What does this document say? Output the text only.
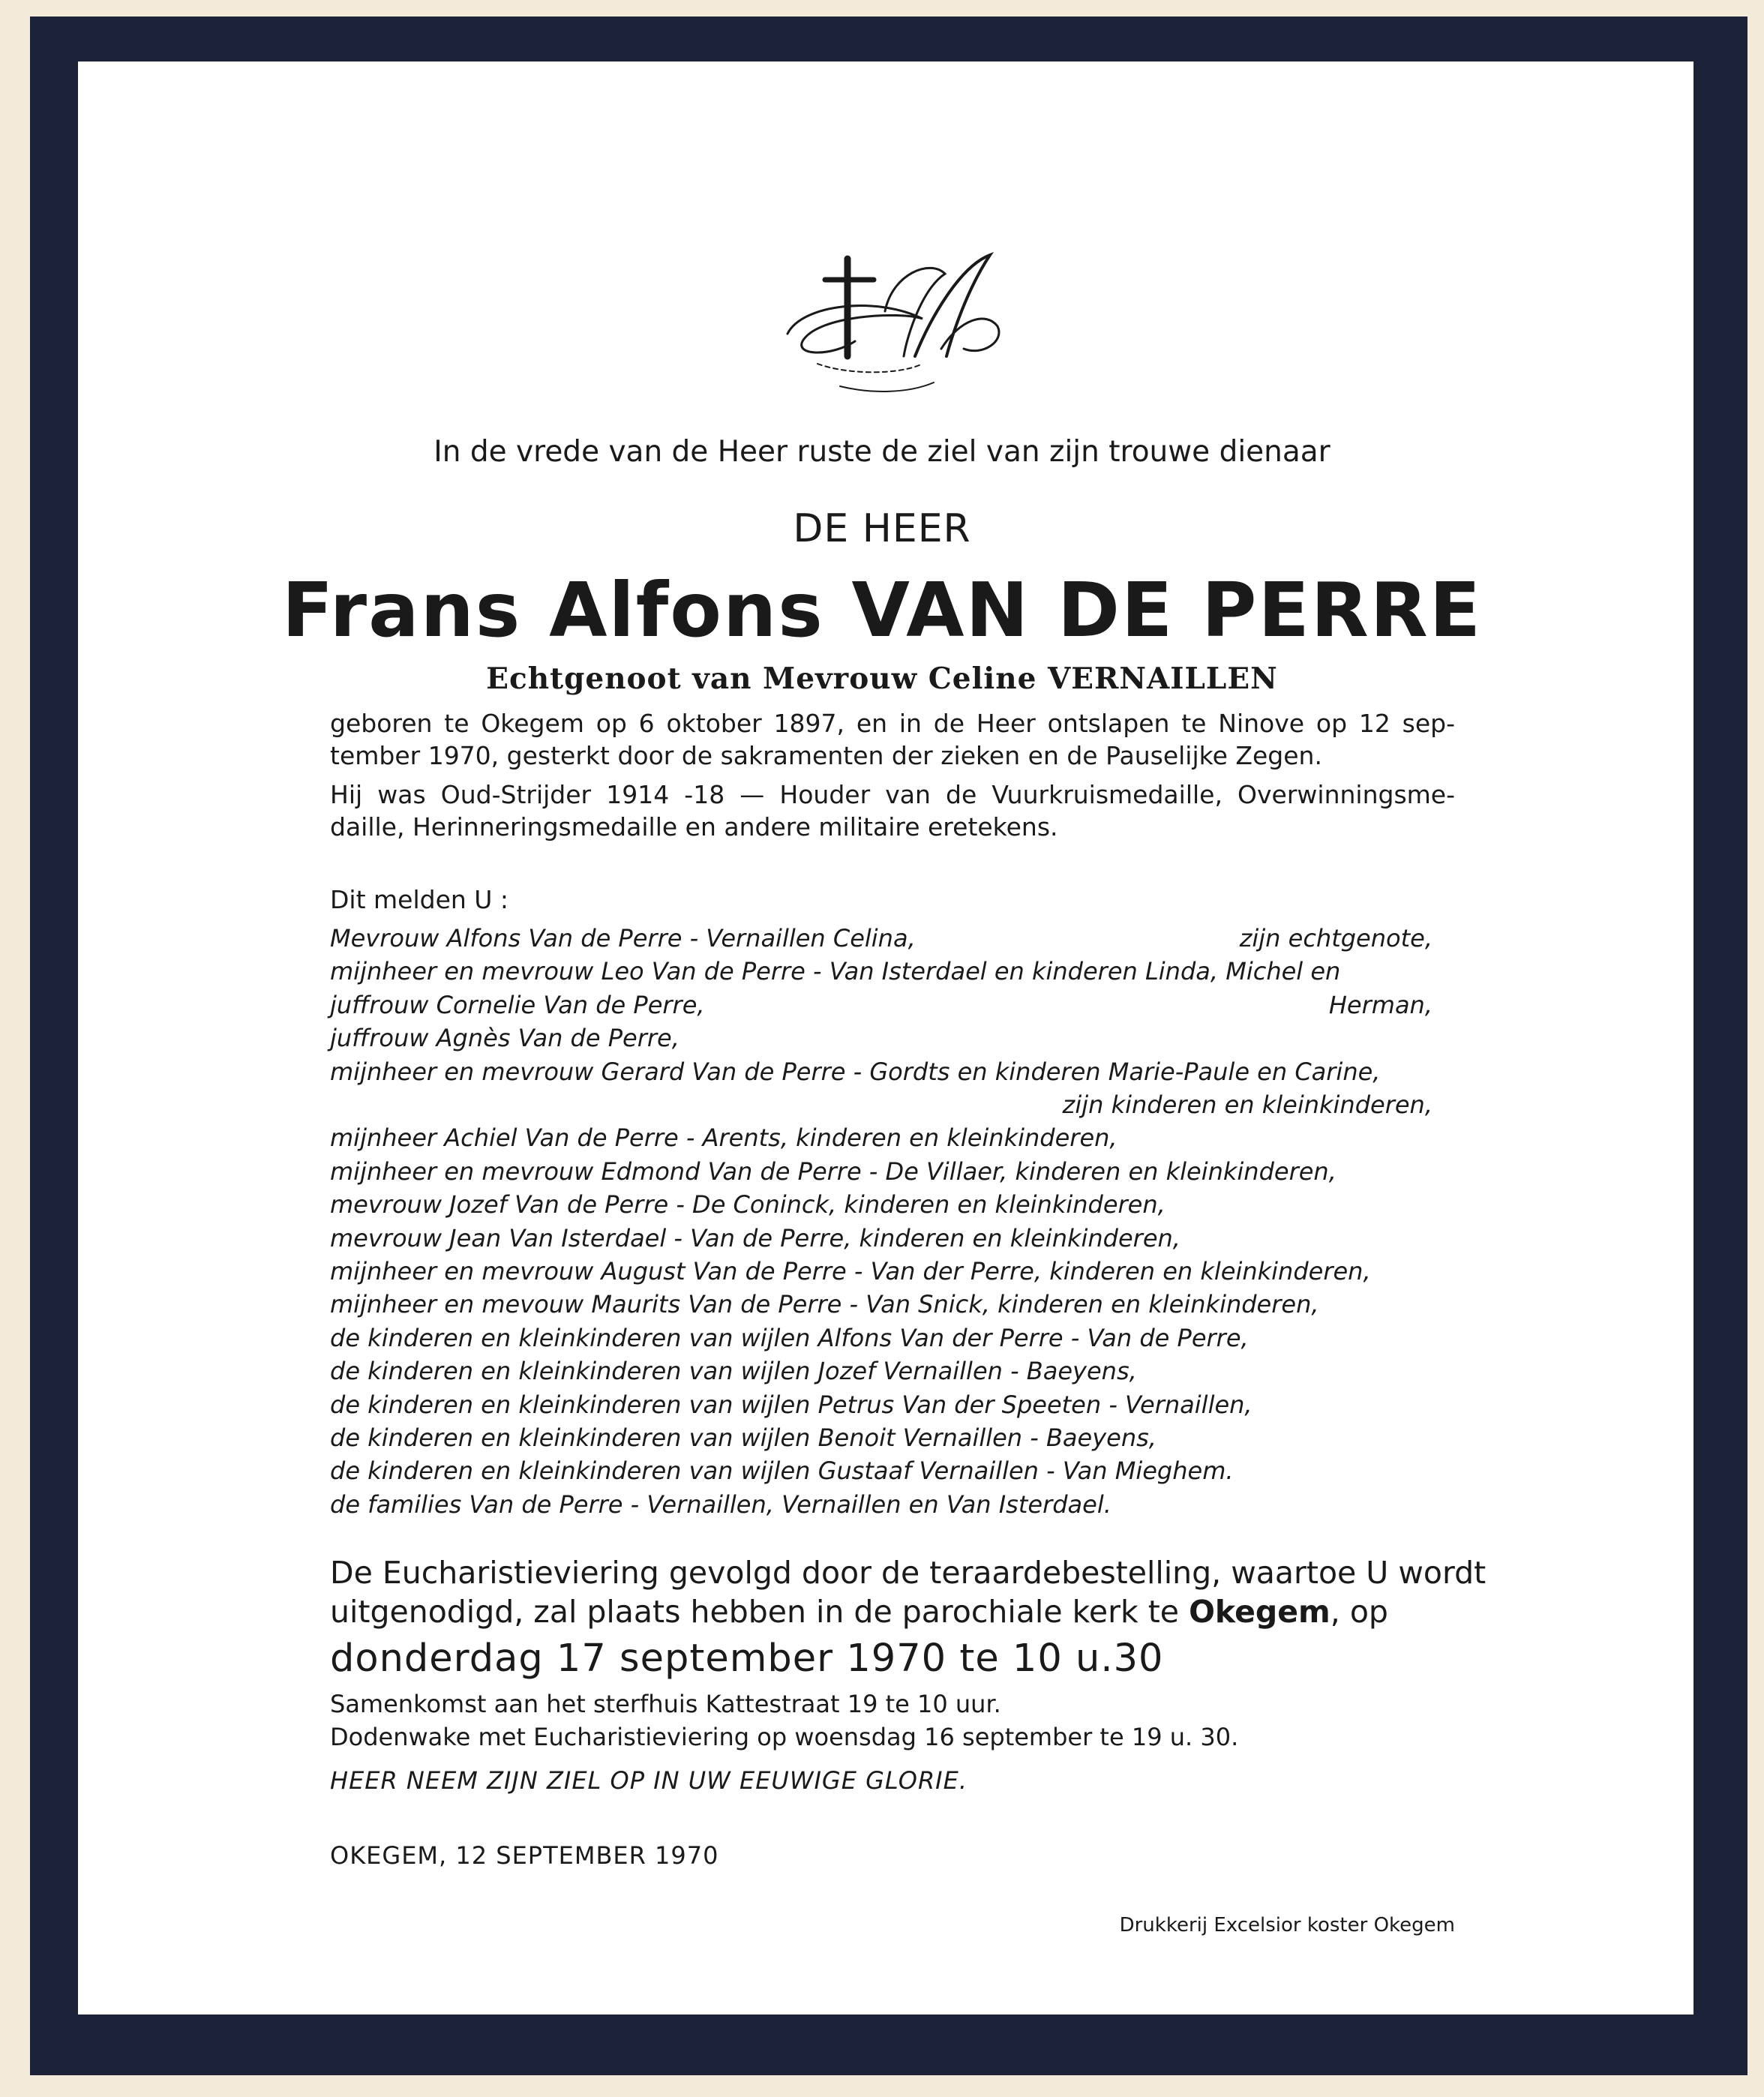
In de vrede van de Heer ruste de ziel van zijn trouwe dienaar

DE HEER

Frans Alfons VAN DE PERRE

Echtgenoot van Mevrouw Celine VERNAILLEN

geboren te Okegem op 6 oktober 1897, en in de Heer ontslapen te Ninove op 12 sep-

tember 1970, gesterkt door de sakramenten der zieken en de Pauselijke Zegen.

Hij was Oud-Strijder 1914 -18 — Houder van de Vuurkruismedaille, Overwinningsme-

daille, Herinneringsmedaille en andere militaire eretekens.

Dit melden U :

Mevrouw Alfons Van de Perre - Vernaillen Celina,	zijn echtgenote,
mijnheer en mevrouw Leo Van de Perre - Van Isterdael en kinderen Linda, Michel en
juffrouw Cornelie Van de Perre,	Herman,
juffrouw Agnès Van de Perre,
mijnheer en mevrouw Gerard Van de Perre - Gordts en kinderen Marie-Paule en Carine,
zijn kinderen en kleinkinderen,
mijnheer Achiel Van de Perre - Arents, kinderen en kleinkinderen,
mijnheer en mevrouw Edmond Van de Perre - De Villaer, kinderen en kleinkinderen,
mevrouw Jozef Van de Perre - De Coninck, kinderen en kleinkinderen,
mevrouw Jean Van Isterdael - Van de Perre, kinderen en kleinkinderen,
mijnheer en mevrouw August Van de Perre - Van der Perre, kinderen en kleinkinderen,
mijnheer en mevouw Maurits Van de Perre - Van Snick, kinderen en kleinkinderen,
de kinderen en kleinkinderen van wijlen Alfons Van der Perre - Van de Perre,
de kinderen en kleinkinderen van wijlen Jozef Vernaillen - Baeyens,
de kinderen en kleinkinderen van wijlen Petrus Van der Speeten - Vernaillen,
de kinderen en kleinkinderen van wijlen Benoit Vernaillen - Baeyens,
de kinderen en kleinkinderen van wijlen Gustaaf Vernaillen - Van Mieghem.
de families Van de Perre - Vernaillen, Vernaillen en Van Isterdael.

De Eucharistieviering gevolgd door de teraardebestelling, waartoe U wordt

uitgenodigd, zal plaats hebben in de parochiale kerk te Okegem, op

donderdag 17 september 1970 te 10 u.30

Samenkomst aan het sterfhuis Kattestraat 19 te 10 uur.

Dodenwake met Eucharistieviering op woensdag 16 september te 19 u. 30.

HEER NEEM ZIJN ZIEL OP IN UW EEUWIGE GLORIE.

OKEGEM, 12 SEPTEMBER 1970

Drukkerij Excelsior koster Okegem
